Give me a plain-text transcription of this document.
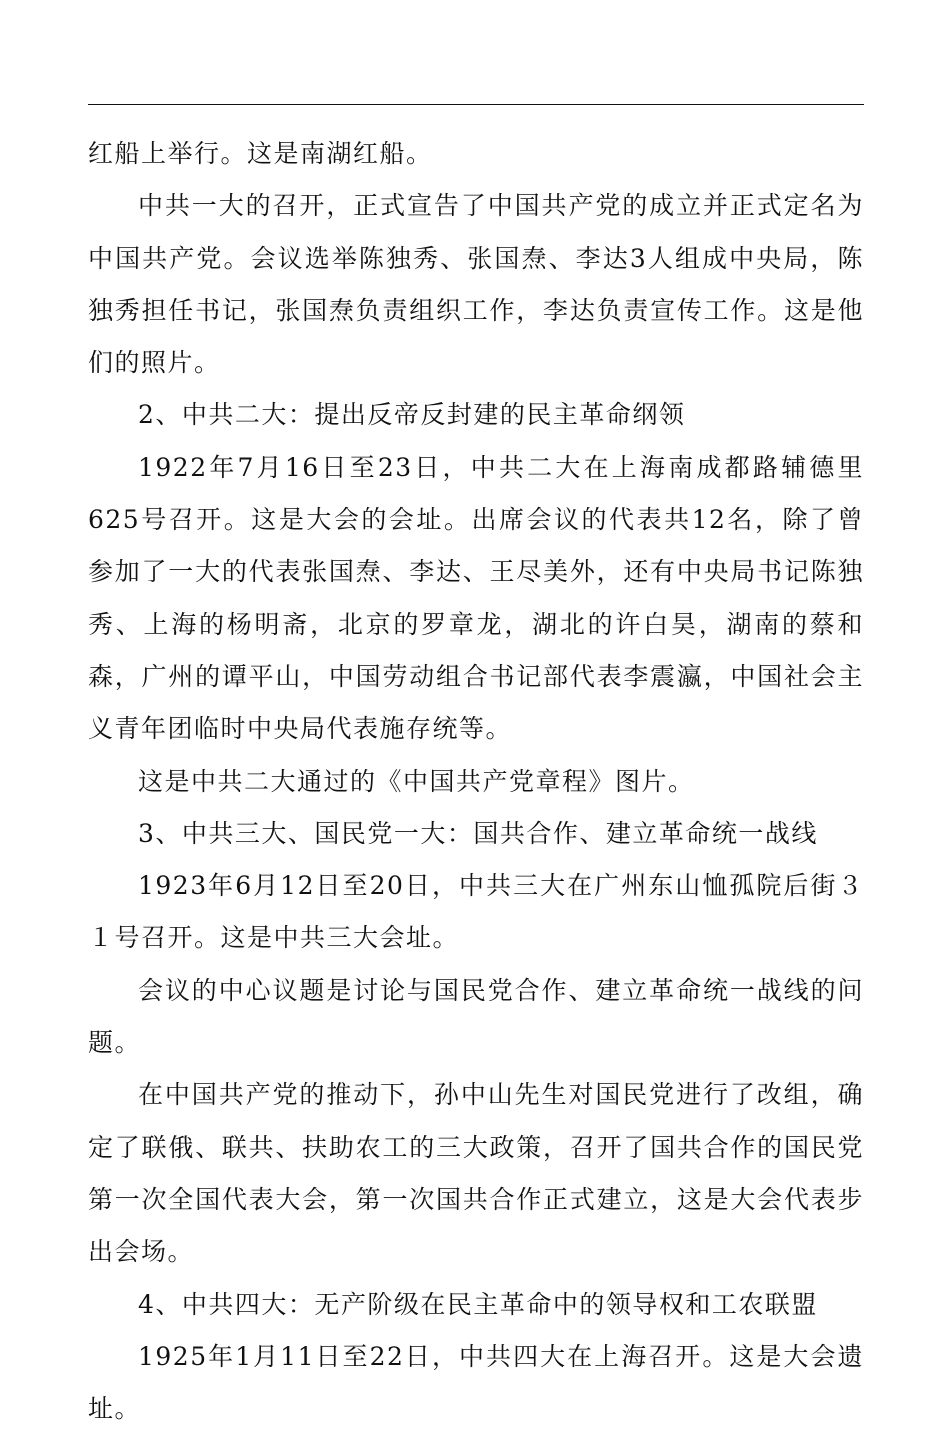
红船上举行。这是南湖红船。

中共一大的召开，正式宣告了中国共产党的成立并正式定名为中国共产党。会议选举陈独秀、张国焘、李达3人组成中央局，陈独秀担任书记，张国焘负责组织工作，李达负责宣传工作。这是他们的照片。

2、中共二大：提出反帝反封建的民主革命纲领

1922年7月16日至23日，中共二大在上海南成都路辅德里625号召开。这是大会的会址。出席会议的代表共12名，除了曾参加了一大的代表张国焘、李达、王尽美外，还有中央局书记陈独秀、上海的杨明斋，北京的罗章龙，湖北的许白昊，湖南的蔡和森，广州的谭平山，中国劳动组合书记部代表李震瀛，中国社会主义青年团临时中央局代表施存统等。

这是中共二大通过的《中国共产党章程》图片。

3、中共三大、国民党一大：国共合作、建立革命统一战线

1923年6月12日至20日，中共三大在广州东山恤孤院后街３１号召开。这是中共三大会址。

会议的中心议题是讨论与国民党合作、建立革命统一战线的问题。

在中国共产党的推动下，孙中山先生对国民党进行了改组，确定了联俄、联共、扶助农工的三大政策，召开了国共合作的国民党第一次全国代表大会，第一次国共合作正式建立，这是大会代表步出会场。

4、中共四大：无产阶级在民主革命中的领导权和工农联盟

1925年1月11日至22日，中共四大在上海召开。这是大会遗址。
